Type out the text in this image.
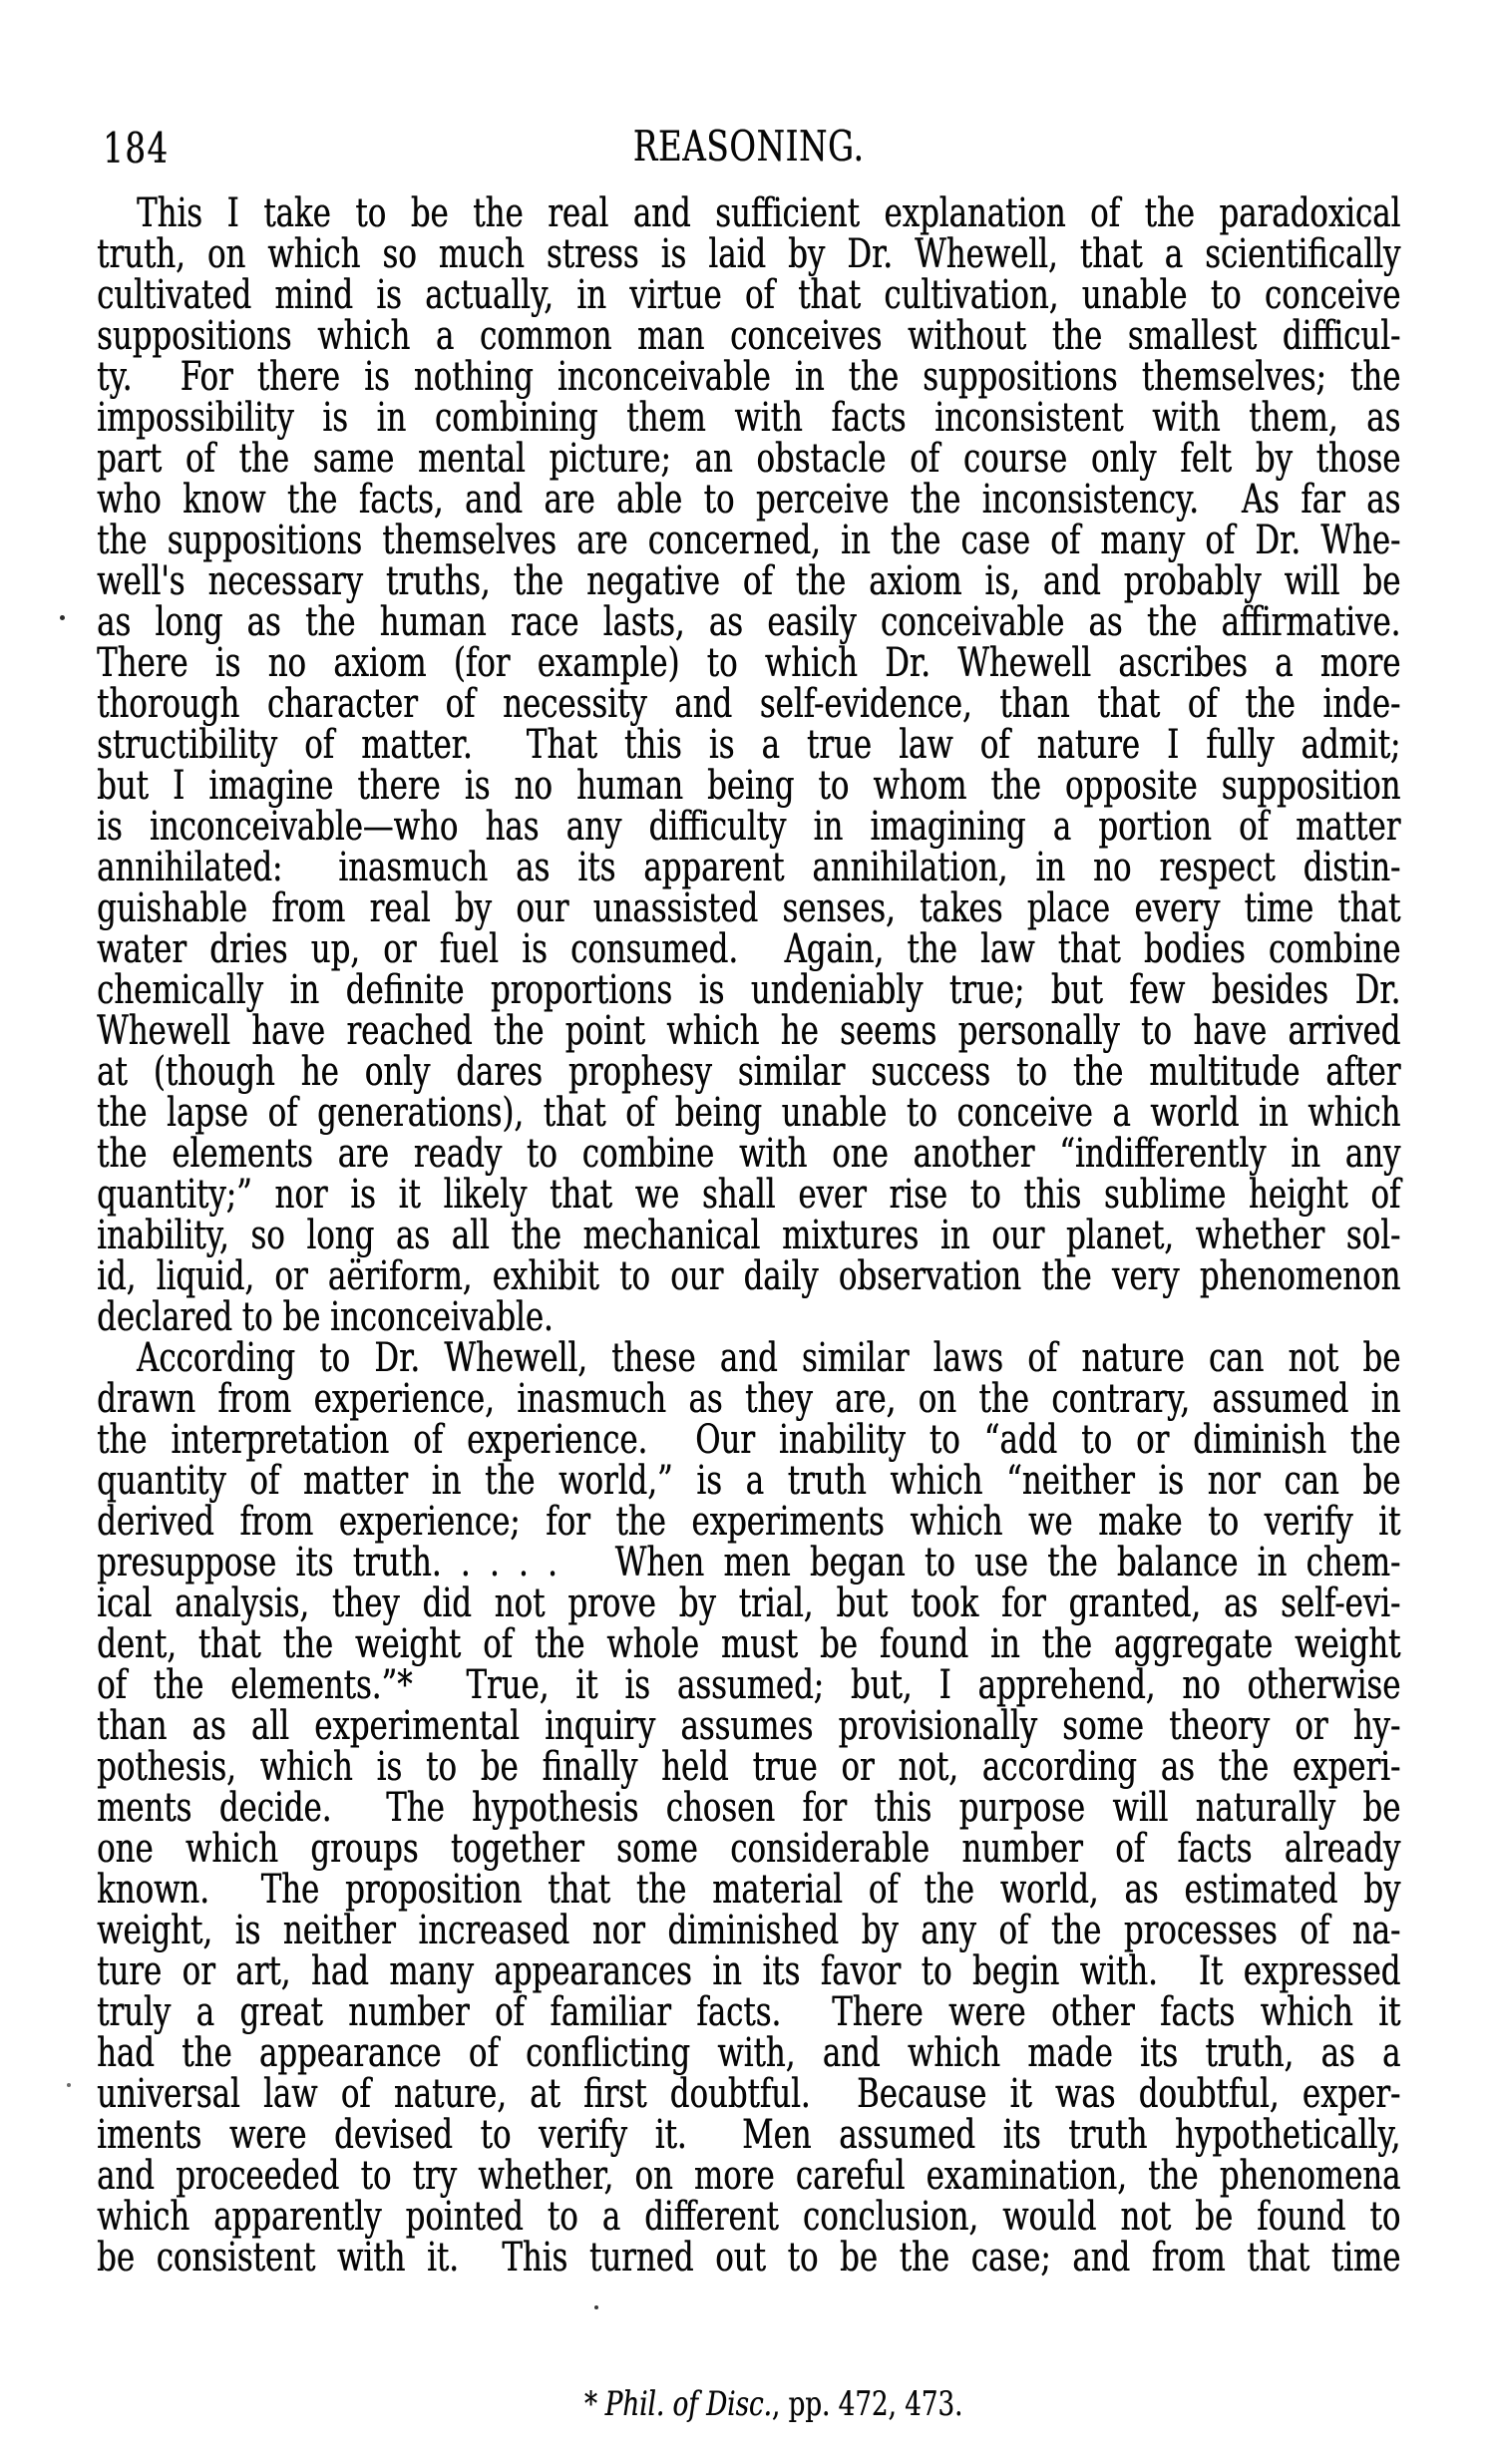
184	REASONING.
This I take to be the real and sufficient explanation of the paradoxical
truth, on which so much stress is laid by Dr. Whewell, that a scientifically
cultivated mind is actually, in virtue of that cultivation, unable to conceive
suppositions which a common man conceives without the smallest difficul-
ty.  For there is nothing inconceivable in the suppositions themselves; the
impossibility is in combining them with facts inconsistent with them, as
part of the same mental picture; an obstacle of course only felt by those
who know the facts, and are able to perceive the inconsistency.  As far as
the suppositions themselves are concerned, in the case of many of Dr. Whe-
well's necessary truths, the negative of the axiom is, and probably will be
as long as the human race lasts, as easily conceivable as the affirmative.
There is no axiom (for example) to which Dr. Whewell ascribes a more
thorough character of necessity and self-evidence, than that of the inde-
structibility of matter.  That this is a true law of nature I fully admit;
but I imagine there is no human being to whom the opposite supposition
is inconceivable—who has any difficulty in imagining a portion of matter
annihilated:  inasmuch as its apparent annihilation, in no respect distin-
guishable from real by our unassisted senses, takes place every time that
water dries up, or fuel is consumed.  Again, the law that bodies combine
chemically in definite proportions is undeniably true; but few besides Dr.
Whewell have reached the point which he seems personally to have arrived
at (though he only dares prophesy similar success to the multitude after
the lapse of generations), that of being unable to conceive a world in which
the elements are ready to combine with one another “indifferently in any
quantity;” nor is it likely that we shall ever rise to this sublime height of
inability, so long as all the mechanical mixtures in our planet, whether sol-
id, liquid, or aëriform, exhibit to our daily observation the very phenomenon
declared to be inconceivable.
According to Dr. Whewell, these and similar laws of nature can not be
drawn from experience, inasmuch as they are, on the contrary, assumed in
the interpretation of experience.  Our inability to “add to or diminish the
quantity of matter in the world,” is a truth which “neither is nor can be
derived from experience; for the experiments which we make to verify it
presuppose its truth. . . . .   When men began to use the balance in chem-
ical analysis, they did not prove by trial, but took for granted, as self-evi-
dent, that the weight of the whole must be found in the aggregate weight
of the elements.”*  True, it is assumed; but, I apprehend, no otherwise
than as all experimental inquiry assumes provisionally some theory or hy-
pothesis, which is to be finally held true or not, according as the experi-
ments decide.  The hypothesis chosen for this purpose will naturally be
one which groups together some considerable number of facts already
known.  The proposition that the material of the world, as estimated by
weight, is neither increased nor diminished by any of the processes of na-
ture or art, had many appearances in its favor to begin with.  It expressed
truly a great number of familiar facts.  There were other facts which it
had the appearance of conflicting with, and which made its truth, as a
universal law of nature, at first doubtful.  Because it was doubtful, exper-
iments were devised to verify it.  Men assumed its truth hypothetically,
and proceeded to try whether, on more careful examination, the phenomena
which apparently pointed to a different conclusion, would not be found to
be consistent with it.  This turned out to be the case; and from that time

* Phil. of Disc., pp. 472, 473.
